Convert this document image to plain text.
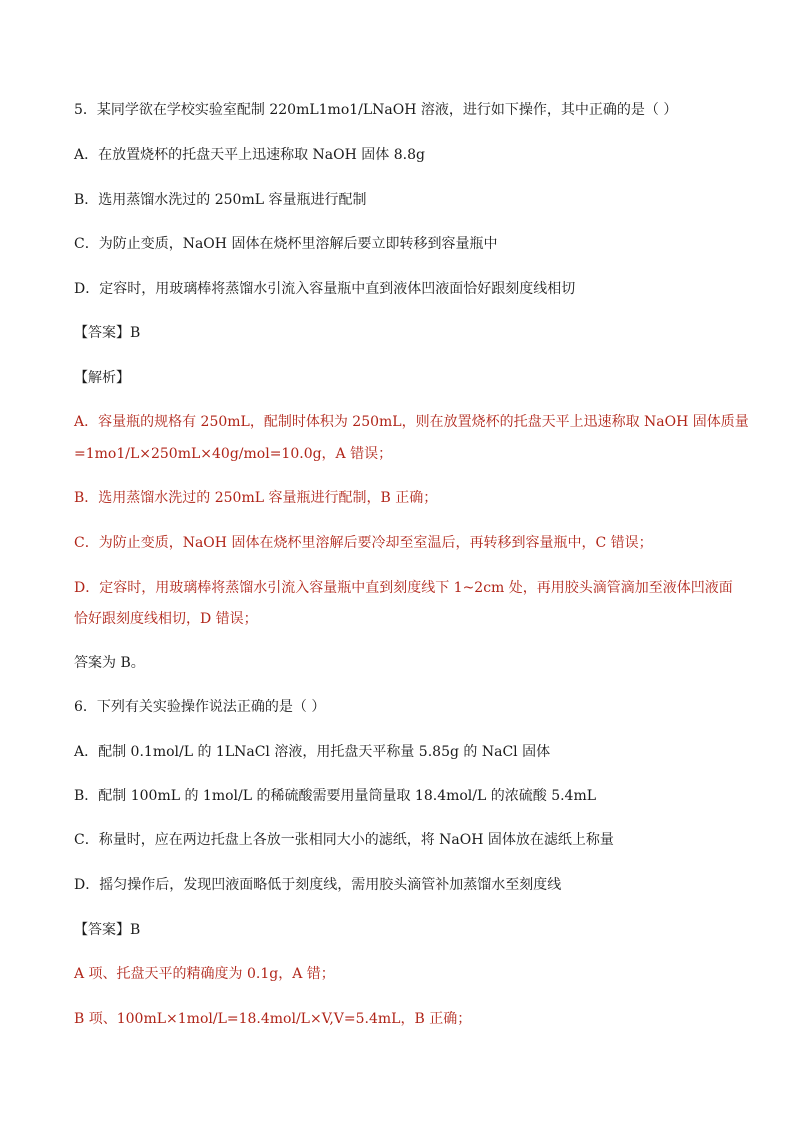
5．某同学欲在学校实验室配制 220mL1mo1/LNaOH 溶液，进行如下操作，其中正确的是（ ）
A．在放置烧杯的托盘天平上迅速称取 NaOH 固体 8.8g
B．选用蒸馏水洗过的 250mL 容量瓶进行配制
C．为防止变质，NaOH 固体在烧杯里溶解后要立即转移到容量瓶中
D．定容时，用玻璃棒将蒸馏水引流入容量瓶中直到液体凹液面恰好跟刻度线相切
【答案】B
【解析】
A．容量瓶的规格有 250mL，配制时体积为 250mL，则在放置烧杯的托盘天平上迅速称取 NaOH 固体质量
=1mo1/L×250mL×40g/mol=10.0g，A 错误；
B．选用蒸馏水洗过的 250mL 容量瓶进行配制，B 正确；
C．为防止变质，NaOH 固体在烧杯里溶解后要冷却至室温后，再转移到容量瓶中，C 错误；
D．定容时，用玻璃棒将蒸馏水引流入容量瓶中直到刻度线下 1~2cm 处，再用胶头滴管滴加至液体凹液面
恰好跟刻度线相切，D 错误；
答案为 B。
6．下列有关实验操作说法正确的是（ ）
A．配制 0.1mol/L 的 1LNaCl 溶液，用托盘天平称量 5.85g 的 NaCl 固体
B．配制 100mL 的 1mol/L 的稀硫酸需要用量筒量取 18.4mol/L 的浓硫酸 5.4mL
C．称量时，应在两边托盘上各放一张相同大小的滤纸，将 NaOH 固体放在滤纸上称量
D．摇匀操作后，发现凹液面略低于刻度线，需用胶头滴管补加蒸馏水至刻度线
【答案】B
A 项、托盘天平的精确度为 0.1g，A 错；
B 项、100mL×1mol/L=18.4mol/L×V,V=5.4mL，B 正确；
